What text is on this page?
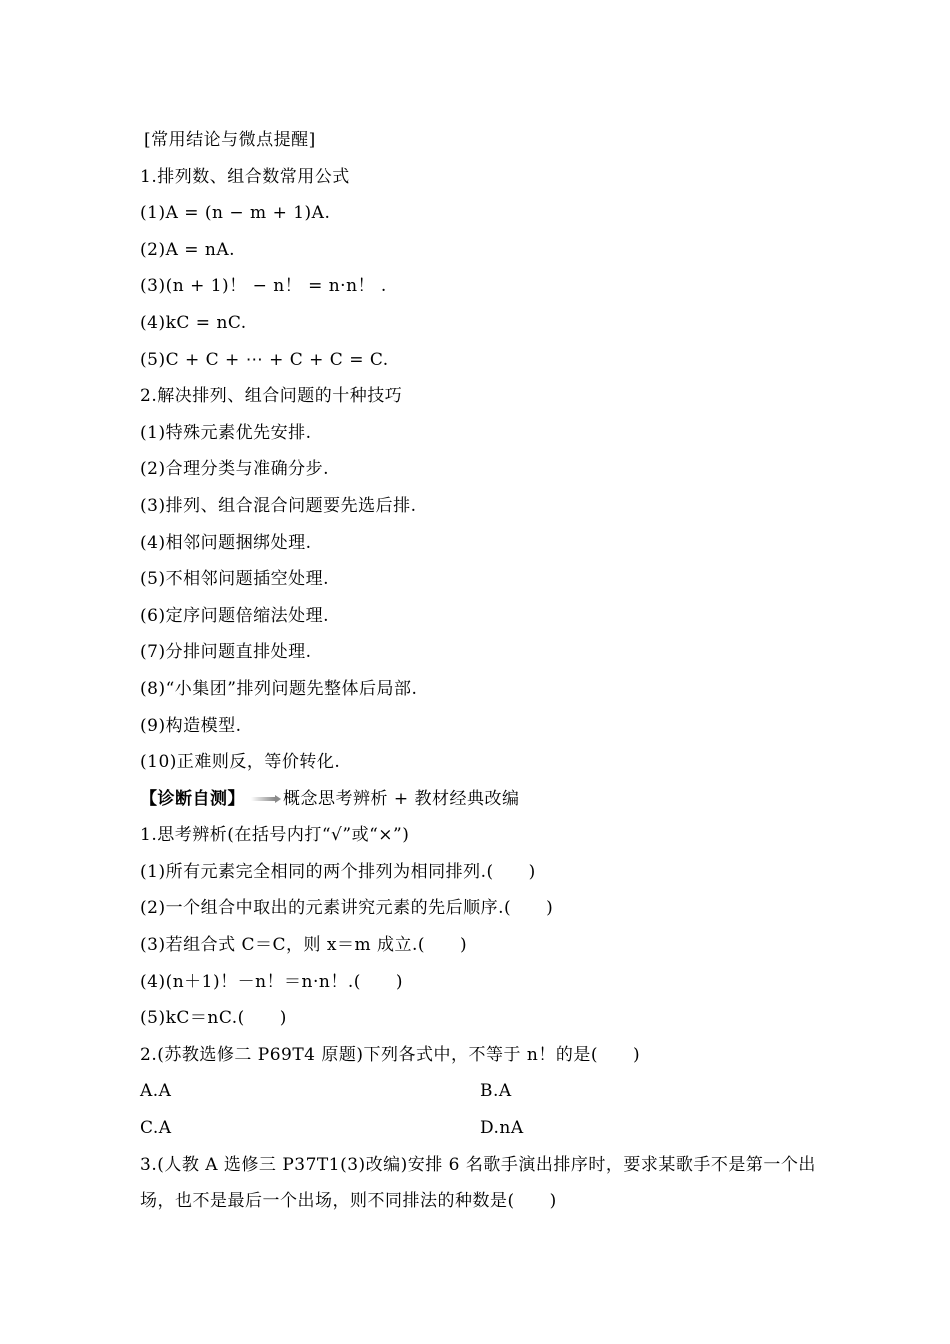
[常用结论与微点提醒]
1.排列数、组合数常用公式
(1)A = (n − m + 1)A.
(2)A = nA.
(3)(n + 1)！ − n！ = n·n！ .
(4)kC = nC.
(5)C + C + ⋯ + C + C = C.
2.解决排列、组合问题的十种技巧
(1)特殊元素优先安排.
(2)合理分类与准确分步.
(3)排列、组合混合问题要先选后排.
(4)相邻问题捆绑处理.
(5)不相邻问题插空处理.
(6)定序问题倍缩法处理.
(7)分排问题直排处理.
(8)“小集团”排列问题先整体后局部.
(9)构造模型.
(10)正难则反，等价转化.
【诊断自测】 概念思考辨析 + 教材经典改编
1.思考辨析(在括号内打“√”或“×”)
(1)所有元素完全相同的两个排列为相同排列.(　　)
(2)一个组合中取出的元素讲究元素的先后顺序.(　　)
(3)若组合式 C＝C，则 x＝m 成立.(　　)
(4)(n＋1)！－n！＝n·n！.(　　)
(5)kC＝nC.(　　)
2.(苏教选修二 P69T4 原题)下列各式中，不等于 n！的是(　　)
A.A	B.A
C.A	D.nA
3.(人教 A 选修三 P37T1(3)改编)安排 6 名歌手演出排序时，要求某歌手不是第一个出场，也不是最后一个出场，则不同排法的种数是(　　)
